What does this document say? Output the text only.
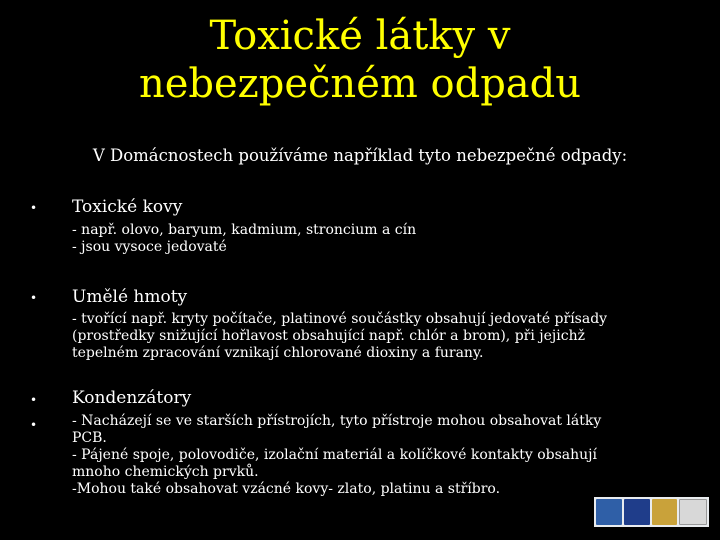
Toxické látky v
nebezpečném odpadu
V Domácnostech používáme například tyto nebezpečné odpady:
• Toxické kovy
- např. olovo, baryum, kadmium, stroncium a cín
- jsou vysoce jedovaté
• Umělé hmoty
- tvořící např. kryty počítače, platinové součástky obsahují jedovaté přísady
(prostředky snižující hořlavost obsahující např. chlór a brom), při jejichž
tepelném zpracování vznikají chlorované dioxiny a furany.
• Kondenzátory
• - Nacházejí se ve starších přístrojích, tyto přístroje mohou obsahovat látky
PCB.
- Pájené spoje, polovodiče, izolační materiál a kolíčkové kontakty obsahují
mnoho chemických prvků.
-Mohou také obsahovat vzácné kovy- zlato, platinu a stříbro.
